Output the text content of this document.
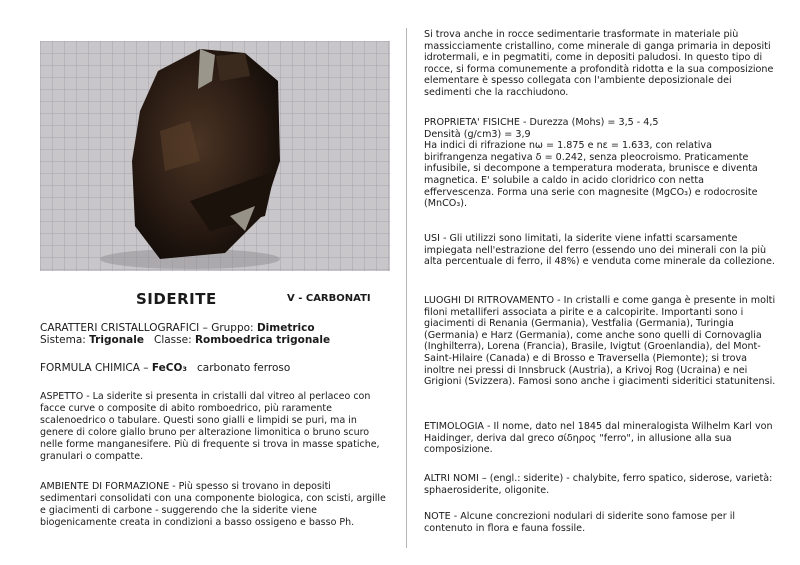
SIDERITE	V - CARBONATI

CARATTERI CRISTALLOGRAFICI – Gruppo: Dimetrico

Sistema: Trigonale   Classe: Romboedrica trigonale

FORMULA CHIMICA – FeCO₃   carbonato ferroso
ASPETTO - La siderite si presenta in cristalli dal vitreo al perlaceo con facce curve o composite di abito romboedrico, più raramente scalenoedrico o tabulare. Questi sono gialli e limpidi se puri, ma in genere di colore giallo bruno per alterazione limonitica o bruno scuro nelle forme manganesifere. Più di frequente si trova in masse spatiche, granulari o compatte.
AMBIENTE DI FORMAZIONE - Più spesso si trovano in depositi sedimentari consolidati con una componente biologica, con scisti, argille e giacimenti di carbone - suggerendo che la siderite viene biogenicamente creata in condizioni a basso ossigeno e basso Ph.
Si trova anche in rocce sedimentarie trasformate in materiale più massicciamente cristallino, come minerale di ganga primaria in depositi idrotermali, e in pegmatiti, come in depositi paludosi. In questo tipo di rocce, si forma comunemente a profondità ridotta e la sua composizione elementare è spesso collegata con l'ambiente deposizionale dei sedimenti che la racchiudono.

PROPRIETA' FISICHE - Durezza (Mohs) = 3,5 - 4,5

Densità (g/cm3) = 3,9

Ha indici di rifrazione nω = 1.875 e nε = 1.633, con relativa birifrangenza negativa δ = 0.242, senza pleocroismo. Praticamente infusibile, si decompone a temperatura moderata, brunisce e diventa magnetica. E' solubile a caldo in acido cloridrico con netta effervescenza. Forma una serie con magnesite (MgCO₃) e rodocrosite (MnCO₃).

USI - Gli utilizzi sono limitati, la siderite viene infatti scarsamente impiegata nell'estrazione del ferro (essendo uno dei minerali con la più alta percentuale di ferro, il 48%) e venduta come minerale da collezione.
LUOGHI DI RITROVAMENTO - In cristalli e come ganga è presente in molti filoni metalliferi associata a pirite e a calcopirite. Importanti sono i giacimenti di Renania (Germania), Vestfalia (Germania), Turingia (Germania) e Harz (Germania), come anche sono quelli di Cornovaglia (Inghilterra), Lorena (Francia), Brasile, Ivigtut (Groenlandia), del Mont-Saint-Hilaire (Canada) e di Brosso e Traversella (Piemonte); si trova inoltre nei pressi di Innsbruck (Austria), a Krivoj Rog (Ucraina) e nei Grigioni (Svizzera). Famosi sono anche i giacimenti sideritici statunitensi.
ETIMOLOGIA - Il nome, dato nel 1845 dal mineralogista Wilhelm Karl von Haidinger, deriva dal greco σίδηρος "ferro", in allusione alla sua composizione.
ALTRI NOMI – (engl.: siderite) - chalybite, ferro spatico, siderose, varietà: sphaerosiderite, oligonite.
NOTE - Alcune concrezioni nodulari di siderite sono famose per il contenuto in flora e fauna fossile.
